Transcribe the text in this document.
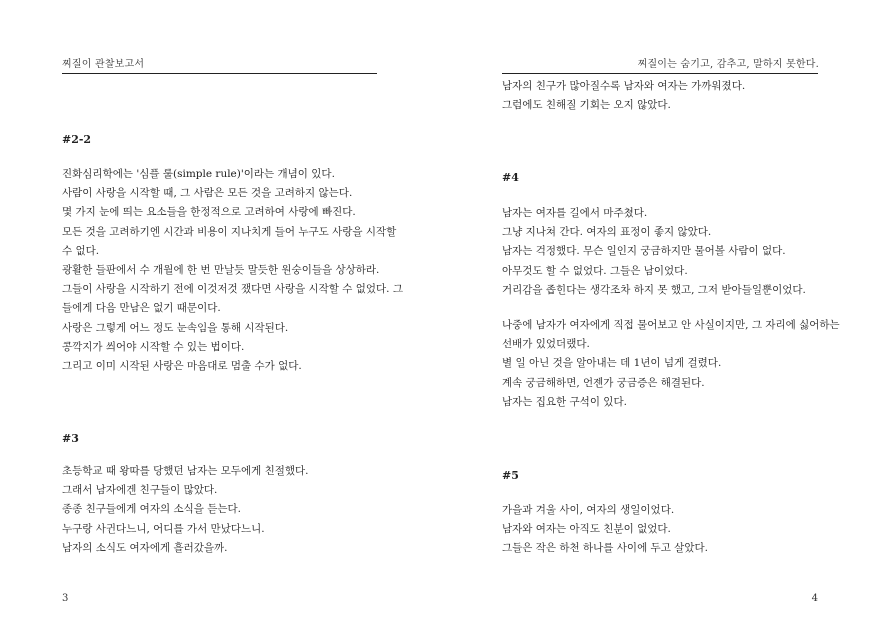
찌질이 관찰보고서
#2-2
진화심리학에는 '심플 룰(simple rule)'이라는 개념이 있다.
사람이 사랑을 시작할 때, 그 사람은 모든 것을 고려하지 않는다.
몇 가지 눈에 띄는 요소들을 한정적으로 고려하여 사랑에 빠진다.
모든 것을 고려하기엔 시간과 비용이 지나치게 들어 누구도 사랑을 시작할
수 없다.
광활한 들판에서 수 개월에 한 번 만날듯 말듯한 원숭이들을 상상하라.
그들이 사랑을 시작하기 전에 이것저것 쟀다면 사랑을 시작할 수 없었다. 그
들에게 다음 만남은 없기 때문이다.
사랑은 그렇게 어느 정도 눈속임을 통해 시작된다.
콩깍지가 씌어야 시작할 수 있는 법이다.
그리고 이미 시작된 사랑은 마음대로 멈출 수가 없다.
#3
초등학교 때 왕따를 당했던 남자는 모두에게 친절했다.
그래서 남자에겐 친구들이 많았다.
종종 친구들에게 여자의 소식을 듣는다.
누구랑 사귄다느니, 어디를 가서 만났다느니.
남자의 소식도 여자에게 흘러갔을까.
3
찌질이는 숨기고, 감추고, 말하지 못한다.
남자의 친구가 많아질수록 남자와 여자는 가까워졌다.
그럼에도 친해질 기회는 오지 않았다.
#4
남자는 여자를 길에서 마주쳤다.
그냥 지나쳐 간다. 여자의 표정이 좋지 않았다.
남자는 걱정했다. 무슨 일인지 궁금하지만 물어볼 사람이 없다.
아무것도 할 수 없었다. 그들은 남이었다.
거리감을 좁힌다는 생각조차 하지 못 했고, 그저 받아들일뿐이었다.
나중에 남자가 여자에게 직접 물어보고 안 사실이지만, 그 자리에 싫어하는
선배가 있었더랬다.
별 일 아닌 것을 알아내는 데 1년이 넘게 걸렸다.
계속 궁금해하면, 언젠가 궁금증은 해결된다.
남자는 집요한 구석이 있다.
#5
가을과 겨울 사이, 여자의 생일이었다.
남자와 여자는 아직도 친분이 없었다.
그들은 작은 하천 하나를 사이에 두고 살았다.
4
